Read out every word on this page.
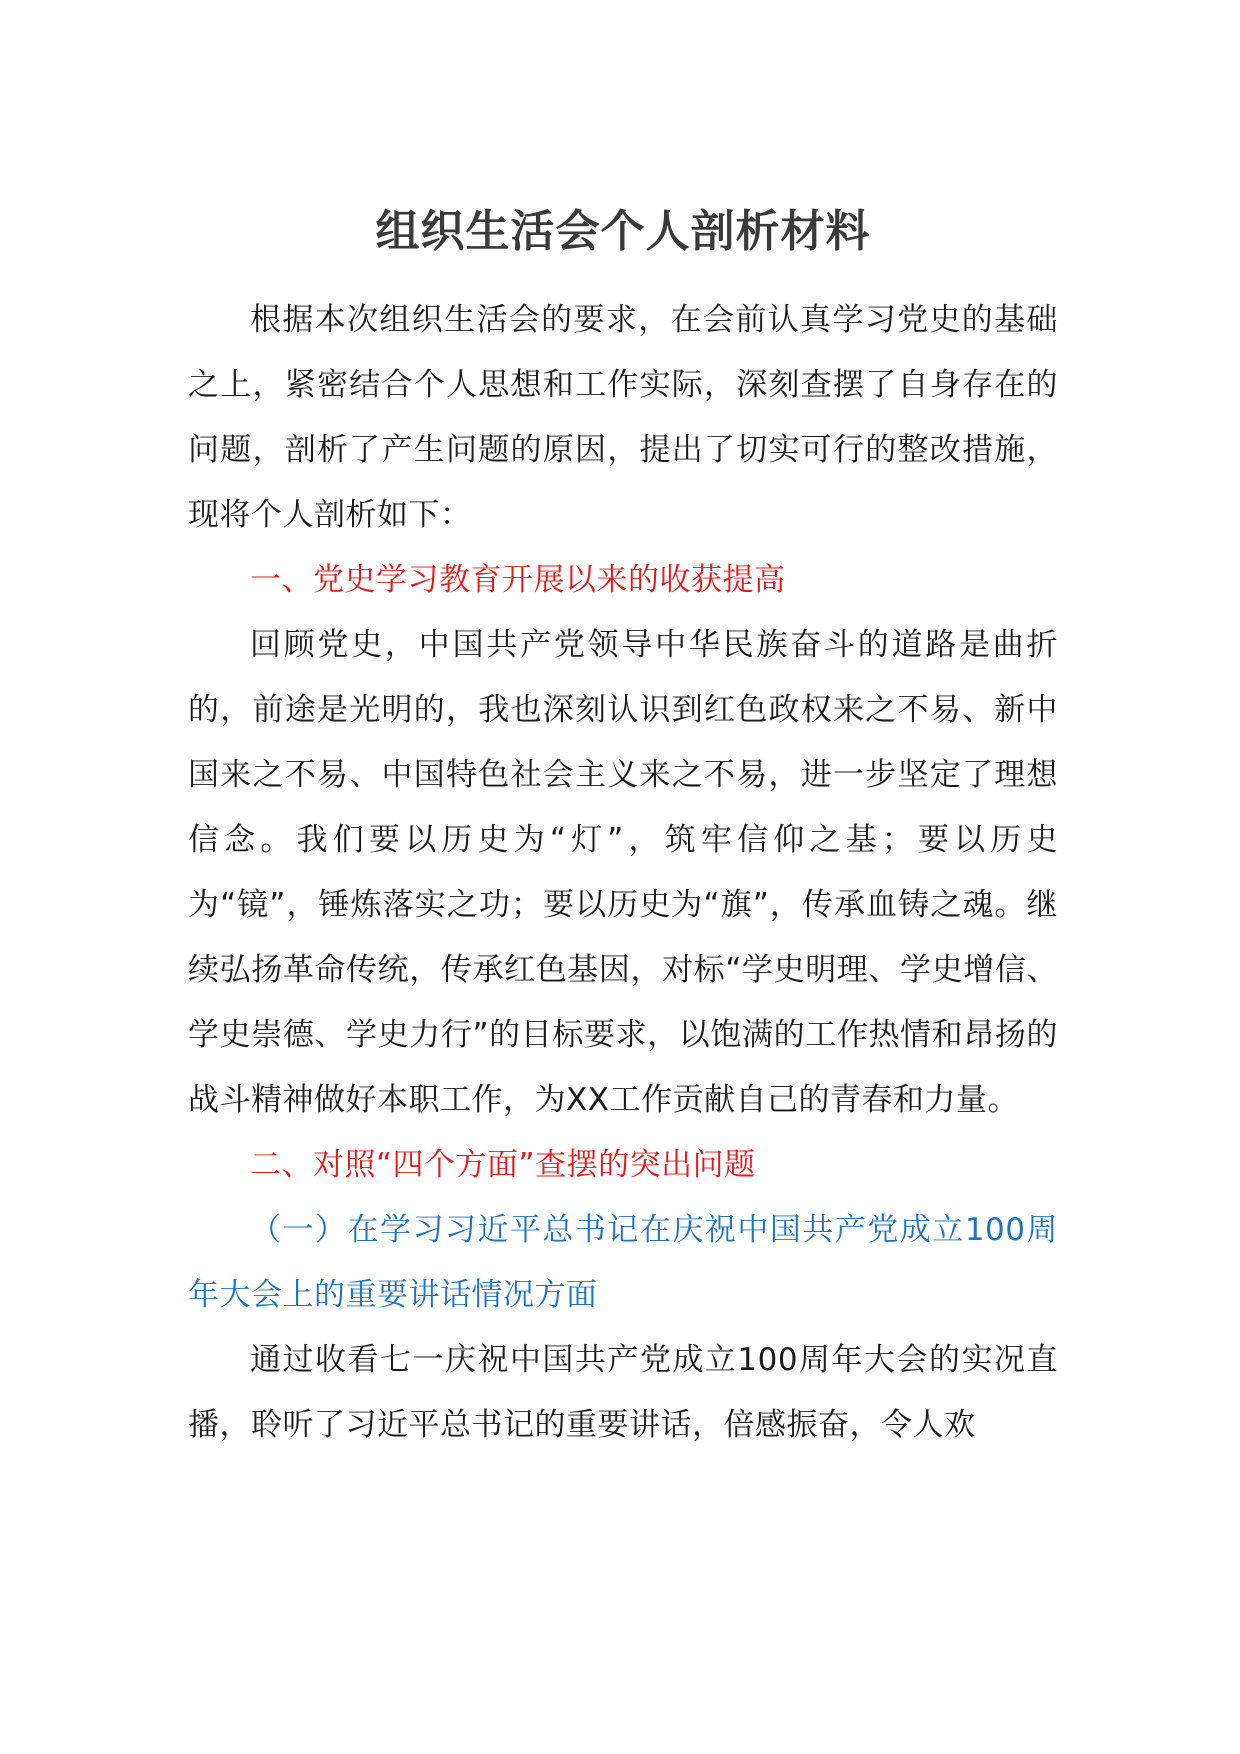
组织生活会个人剖析材料

根据本次组织生活会的要求，在会前认真学习党史的基础之上，紧密结合个人思想和工作实际，深刻查摆了自身存在的问题，剖析了产生问题的原因，提出了切实可行的整改措施，现将个人剖析如下：

一、党史学习教育开展以来的收获提高

回顾党史，中国共产党领导中华民族奋斗的道路是曲折的，前途是光明的，我也深刻认识到红色政权来之不易、新中国来之不易、中国特色社会主义来之不易，进一步坚定了理想信念。我们要以历史为“灯”，筑牢信仰之基；要以历史为“镜”，锤炼落实之功；要以历史为“旗”，传承血铸之魂。继续弘扬革命传统，传承红色基因，对标“学史明理、学史增信、学史崇德、学史力行”的目标要求，以饱满的工作热情和昂扬的战斗精神做好本职工作，为XX工作贡献自己的青春和力量。

二、对照“四个方面”查摆的突出问题

（一）在学习习近平总书记在庆祝中国共产党成立100周年大会上的重要讲话情况方面

通过收看七一庆祝中国共产党成立100周年大会的实况直播，聆听了习近平总书记的重要讲话，倍感振奋，令人欢
